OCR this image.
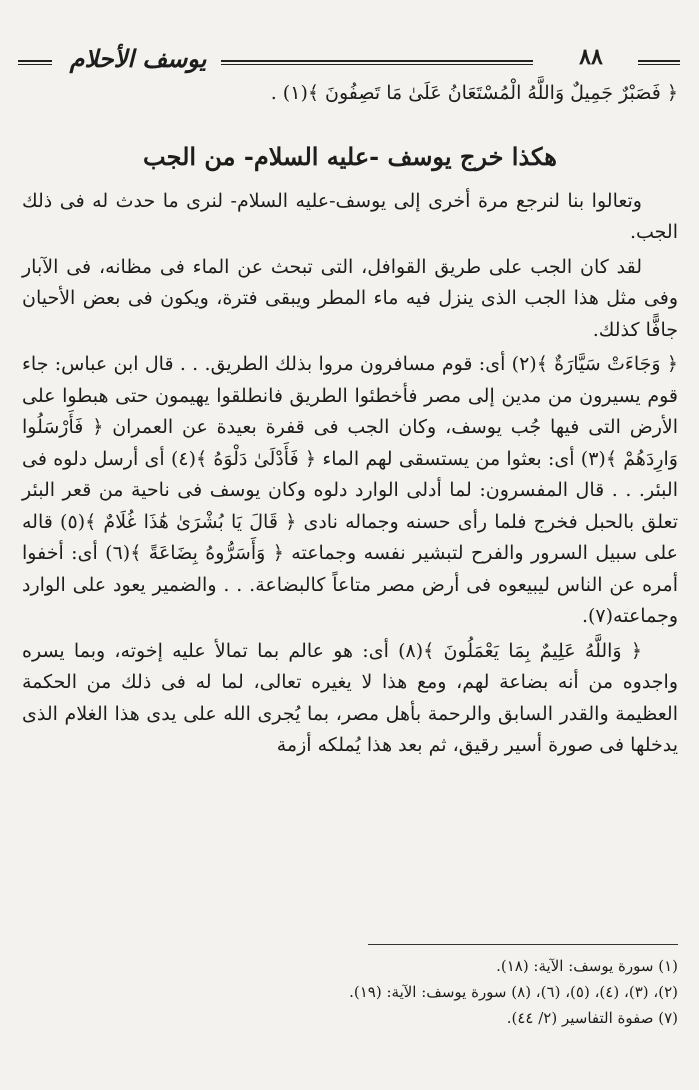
يوسف الأحلام	٨٨

﴿ فَصَبْرٌ جَمِيلٌ وَاللَّهُ الْمُسْتَعَانُ عَلَىٰ مَا تَصِفُونَ ﴾(١) .

هكذا خرج يوسف -عليه السلام- من الجب

وتعالوا بنا لنرجع مرة أخرى إلى يوسف-عليه السلام- لنرى ما حدث له فى ذلك الجب.

لقد كان الجب على طريق القوافل، التى تبحث عن الماء فى مظانه، فى الآبار وفى مثل هذا الجب الذى ينزل فيه ماء المطر ويبقى فترة، ويكون فى بعض الأحيان جافًّا كذلك.

﴿ وَجَاءَتْ سَيَّارَةٌ ﴾(٢) أى: قوم مسافرون مروا بذلك الطريق. . . قال ابن عباس: جاء قوم يسيرون من مدين إلى مصر فأخطئوا الطريق فانطلقوا يهيمون حتى هبطوا على الأرض التى فيها جُب يوسف، وكان الجب فى قفرة بعيدة عن العمران ﴿ فَأَرْسَلُوا وَارِدَهُمْ ﴾(٣) أى: بعثوا من يستسقى لهم الماء ﴿ فَأَدْلَىٰ دَلْوَهُ ﴾(٤) أى أرسل دلوه فى البئر. . . قال المفسرون: لما أدلى الوارد دلوه وكان يوسف فى ناحية من قعر البئر تعلق بالحبل فخرج فلما رأى حسنه وجماله نادى ﴿ قَالَ يَا بُشْرَىٰ هَٰذَا غُلَامٌ ﴾(٥) قاله على سبيل السرور والفرح لتبشير نفسه وجماعته ﴿ وَأَسَرُّوهُ بِضَاعَةً ﴾(٦) أى: أخفوا أمره عن الناس ليبيعوه فى أرض مصر متاعاً كالبضاعة. . . والضمير يعود على الوارد وجماعته(٧).

﴿ وَاللَّهُ عَلِيمٌ بِمَا يَعْمَلُونَ ﴾(٨) أى: هو عالم بما تمالأ عليه إخوته، وبما يسره واجدوه من أنه بضاعة لهم، ومع هذا لا يغيره تعالى، لما له فى ذلك من الحكمة العظيمة والقدر السابق والرحمة بأهل مصر، بما يُجرى الله على يدى هذا الغلام الذى يدخلها فى صورة أسير رقيق، ثم بعد هذا يُملكه أزمة

(١) سورة يوسف: الآية: (١٨).

(٢)، (٣)، (٤)، (٥)، (٦)، (٨) سورة يوسف: الآية: (١٩).

(٧) صفوة التفاسير (٢/ ٤٤).
